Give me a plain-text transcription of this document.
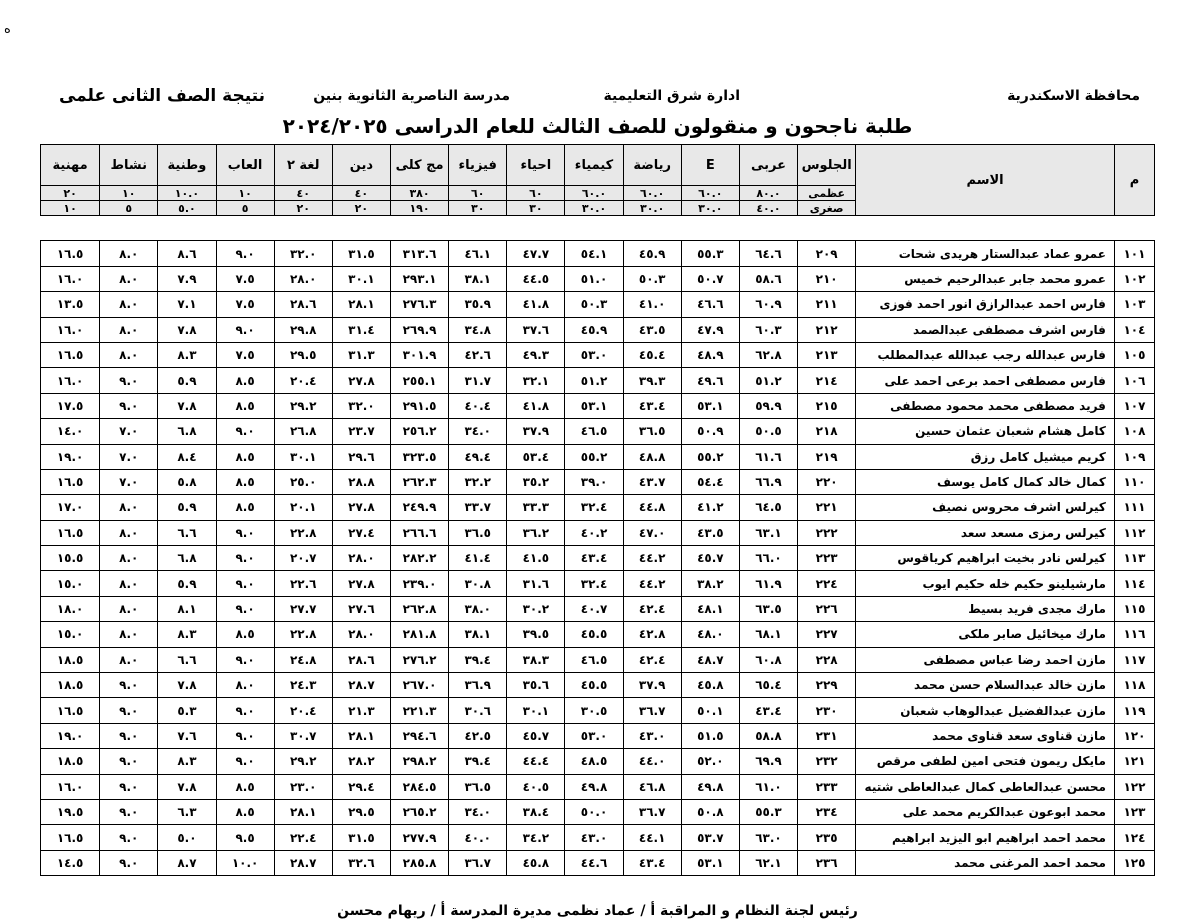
ه
محافظة الاسكندرية
ادارة شرق التعليمية
مدرسة الناصرية الثانوية بنين
نتيجة الصف الثانى علمى
طلبة ناجحون و منقولون للصف الثالث للعام الدراسى ٢٠٢٤/٢٠٢٥
م	الاسم	الجلوس	عربى	E	رياضة	كيمياء	احياء	فيزياء	مج كلى	دين	لغة ٢	العاب	وطنية	نشاط	مهنية
		عظمى	٨٠.٠	٦٠.٠	٦٠.٠	٦٠.٠	٦٠	٦٠	٣٨٠	٤٠	٤٠	١٠	١٠.٠	١٠	٢٠
		صغرى	٤٠.٠	٣٠.٠	٣٠.٠	٣٠.٠	٣٠	٣٠	١٩٠	٢٠	٢٠	٥	٥.٠	٥	١٠

١٠١	عمرو عماد عبدالستار هريدى شحات	٢٠٩	٦٤.٦	٥٥.٣	٤٥.٩	٥٤.١	٤٧.٧	٤٦.١	٣١٣.٦	٣١.٥	٣٢.٠	٩.٠	٨.٦	٨.٠	١٦.٥
١٠٢	عمرو محمد جابر عبدالرحيم خميس	٢١٠	٥٨.٦	٥٠.٧	٥٠.٣	٥١.٠	٤٤.٥	٣٨.١	٢٩٣.١	٣٠.١	٢٨.٠	٧.٥	٧.٩	٨.٠	١٦.٠
١٠٣	فارس احمد عبدالرازق انور احمد فوزى	٢١١	٦٠.٩	٤٦.٦	٤١.٠	٥٠.٣	٤١.٨	٣٥.٩	٢٧٦.٣	٢٨.١	٢٨.٦	٧.٥	٧.١	٨.٠	١٣.٥
١٠٤	فارس اشرف مصطفى عبدالصمد	٢١٢	٦٠.٣	٤٧.٩	٤٣.٥	٤٥.٩	٣٧.٦	٣٤.٨	٢٦٩.٩	٣١.٤	٢٩.٨	٩.٠	٧.٨	٨.٠	١٦.٠
١٠٥	فارس عبدالله رجب عبدالله عبدالمطلب	٢١٣	٦٢.٨	٤٨.٩	٤٥.٤	٥٣.٠	٤٩.٣	٤٢.٦	٣٠١.٩	٣١.٣	٢٩.٥	٧.٥	٨.٣	٨.٠	١٦.٥
١٠٦	فارس مصطفى احمد برعى احمد على	٢١٤	٥١.٢	٤٩.٦	٣٩.٣	٥١.٢	٣٢.١	٣١.٧	٢٥٥.١	٢٧.٨	٢٠.٤	٨.٥	٥.٩	٩.٠	١٦.٠
١٠٧	فريد مصطفى محمد محمود مصطفى	٢١٥	٥٩.٩	٥٣.١	٤٣.٤	٥٣.١	٤١.٨	٤٠.٤	٢٩١.٥	٣٢.٠	٢٩.٢	٨.٥	٧.٨	٩.٠	١٧.٥
١٠٨	كامل هشام شعبان عثمان حسين	٢١٨	٥٠.٥	٥٠.٩	٣٦.٥	٤٦.٥	٣٧.٩	٣٤.٠	٢٥٦.٢	٢٣.٧	٢٦.٨	٩.٠	٦.٨	٧.٠	١٤.٠
١٠٩	كريم ميشيل كامل رزق	٢١٩	٦١.٦	٥٥.٢	٤٨.٨	٥٥.٢	٥٣.٤	٤٩.٤	٣٢٣.٥	٢٩.٦	٣٠.١	٨.٥	٨.٤	٧.٠	١٩.٠
١١٠	كمال خالد كمال كامل يوسف	٢٢٠	٦٦.٩	٥٤.٤	٤٣.٧	٣٩.٠	٣٥.٢	٣٢.٢	٢٦٢.٣	٢٨.٨	٢٥.٠	٨.٥	٥.٨	٧.٠	١٦.٥
١١١	كيرلس اشرف محروس نصيف	٢٢١	٦٤.٥	٤١.٢	٤٤.٨	٣٢.٤	٣٣.٣	٣٣.٧	٢٤٩.٩	٢٧.٨	٢٠.١	٨.٥	٥.٩	٨.٠	١٧.٠
١١٢	كيرلس رمزى مسعد سعد	٢٢٢	٦٣.١	٤٣.٥	٤٧.٠	٤٠.٢	٣٦.٢	٣٦.٥	٢٦٦.٦	٢٧.٤	٢٢.٨	٩.٠	٦.٦	٨.٠	١٦.٥
١١٣	كيرلس نادر بخيت ابراهيم كرياقوس	٢٢٣	٦٦.٠	٤٥.٧	٤٤.٢	٤٣.٤	٤١.٥	٤١.٤	٢٨٢.٢	٢٨.٠	٢٠.٧	٩.٠	٦.٨	٨.٠	١٥.٥
١١٤	مارشيلينو حكيم خله حكيم ايوب	٢٢٤	٦١.٩	٣٨.٢	٤٤.٢	٣٢.٤	٣١.٦	٣٠.٨	٢٣٩.٠	٢٧.٨	٢٢.٦	٩.٠	٥.٩	٨.٠	١٥.٠
١١٥	مارك مجدى فريد بسيط	٢٢٦	٦٣.٥	٤٨.١	٤٢.٤	٤٠.٧	٣٠.٢	٣٨.٠	٢٦٢.٨	٢٧.٦	٢٧.٧	٩.٠	٨.١	٨.٠	١٨.٠
١١٦	مارك ميخائيل صابر ملكى	٢٢٧	٦٨.١	٤٨.٠	٤٢.٨	٤٥.٥	٣٩.٥	٣٨.١	٢٨١.٨	٢٨.٠	٢٢.٨	٨.٥	٨.٣	٨.٠	١٥.٠
١١٧	مازن احمد رضا عباس مصطفى	٢٢٨	٦٠.٨	٤٨.٧	٤٢.٤	٤٦.٥	٣٨.٣	٣٩.٤	٢٧٦.٢	٢٨.٦	٢٤.٨	٩.٠	٦.٦	٨.٠	١٨.٥
١١٨	مازن خالد عبدالسلام حسن محمد	٢٢٩	٦٥.٤	٤٥.٨	٣٧.٩	٤٥.٥	٣٥.٦	٣٦.٩	٢٦٧.٠	٢٨.٧	٢٤.٣	٨.٠	٧.٨	٩.٠	١٨.٥
١١٩	مازن عبدالفضيل عبدالوهاب شعبان	٢٣٠	٤٣.٤	٥٠.١	٣٦.٧	٣٠.٥	٣٠.١	٣٠.٦	٢٢١.٣	٢١.٣	٢٠.٤	٩.٠	٥.٣	٩.٠	١٦.٥
١٢٠	مازن قناوى سعد قناوى محمد	٢٣١	٥٨.٨	٥١.٥	٤٣.٠	٥٣.٠	٤٥.٧	٤٢.٥	٢٩٤.٦	٢٨.١	٣٠.٧	٩.٠	٧.٦	٩.٠	١٩.٠
١٢١	مايكل ريمون فتحى امين لطفى مرقص	٢٣٢	٦٩.٩	٥٢.٠	٤٤.٠	٤٨.٥	٤٤.٤	٣٩.٤	٢٩٨.٢	٢٨.٢	٢٩.٢	٩.٠	٨.٣	٩.٠	١٨.٥
١٢٢	محسن عبدالعاطى كمال عبدالعاطى شتيه	٢٣٣	٦١.٠	٤٩.٨	٤٦.٨	٤٩.٨	٤٠.٥	٣٦.٥	٢٨٤.٥	٢٩.٤	٢٣.٠	٨.٥	٧.٨	٩.٠	١٦.٠
١٢٣	محمد ابوعون عبدالكريم محمد على	٢٣٤	٥٥.٣	٥٠.٨	٣٦.٧	٥٠.٠	٣٨.٤	٣٤.٠	٢٦٥.٢	٢٩.٥	٢٨.١	٨.٥	٦.٣	٩.٠	١٩.٥
١٢٤	محمد احمد ابراهيم ابو اليزيد ابراهيم	٢٣٥	٦٣.٠	٥٣.٧	٤٤.١	٤٣.٠	٣٤.٢	٤٠.٠	٢٧٧.٩	٣١.٥	٢٢.٤	٩.٥	٥.٠	٩.٠	١٦.٥
١٢٥	محمد احمد المرغنى محمد	٢٣٦	٦٢.١	٥٣.١	٤٣.٤	٤٤.٦	٤٥.٨	٣٦.٧	٢٨٥.٨	٣٢.٦	٢٨.٧	١٠.٠	٨.٧	٩.٠	١٤.٥
رئيس لجنة النظام و المراقبة أ / عماد نظمى مديرة المدرسة أ / ريهام محسن
